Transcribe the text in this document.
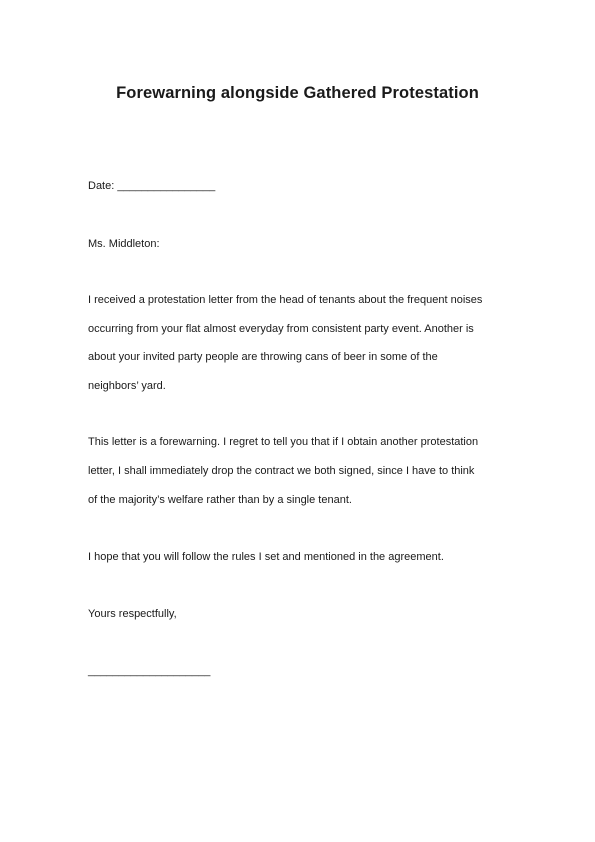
Forewarning alongside Gathered Protestation
Date: ________________
Ms. Middleton:
I received a protestation letter from the head of tenants about the frequent noises
occurring from your flat almost everyday from consistent party event. Another is
about your invited party people are throwing cans of beer in some of the
neighbors’ yard.
This letter is a forewarning. I regret to tell you that if I obtain another protestation
letter, I shall immediately drop the contract we both signed, since I have to think
of the majority’s welfare rather than by a single tenant.
I hope that you will follow the rules I set and mentioned in the agreement.
Yours respectfully,
____________________
